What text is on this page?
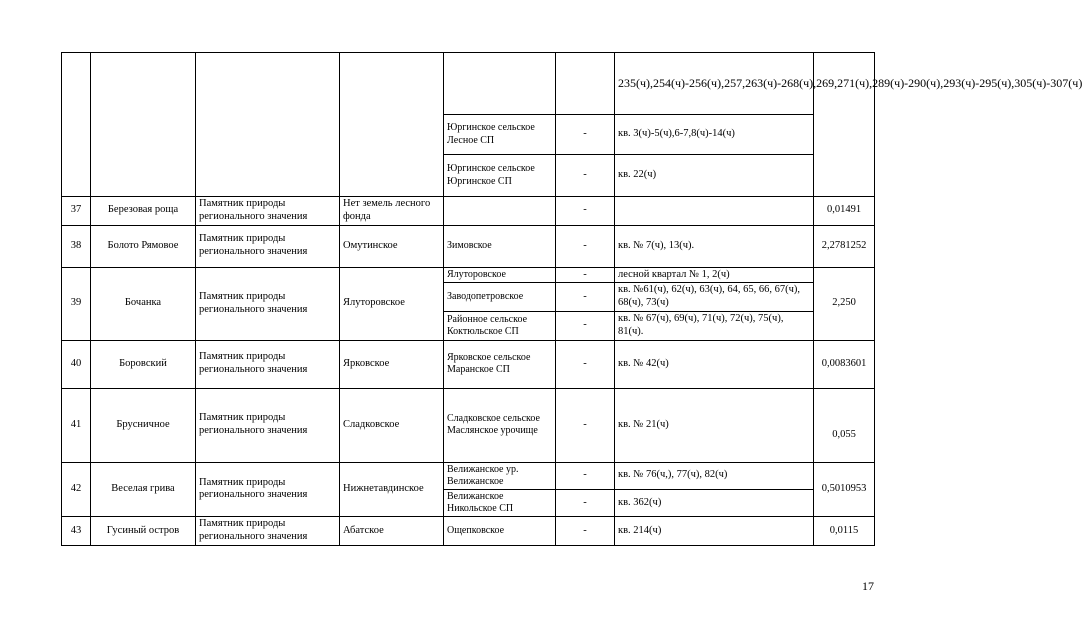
						235(ч),254(ч)-256(ч),257,263(ч)-268(ч),269,271(ч),289(ч)-290(ч),293(ч)-295(ч),305(ч)-307(ч)	
				Юргинское сельское Лесное СП	-	кв. 3(ч)-5(ч),6-7,8(ч)-14(ч)	
				Юргинское сельское Юргинское СП	-	кв. 22(ч)	
37	Березовая роща	Памятник природы регионального значения	Нет земель лесного фонда		-		0,01491
38	Болото Рямовое	Памятник природы регионального значения	Омутинское	Зимовское	-	кв. № 7(ч), 13(ч).	2,2781252
39	Бочанка	Памятник природы регионального значения	Ялуторовское	Ялуторовское	-	лесной квартал № 1, 2(ч)	2,250
				Заводопетровское	-	кв. №61(ч), 62(ч), 63(ч), 64, 65, 66, 67(ч), 68(ч), 73(ч)	
				Районное сельское Коктюльское СП	-	кв. № 67(ч), 69(ч), 71(ч), 72(ч), 75(ч), 81(ч).	
40	Боровский	Памятник природы регионального значения	Ярковское	Ярковское сельское Маранское СП	-	кв. № 42(ч)	0,0083601
41	Брусничное	Памятник природы регионального значения	Сладковское	Сладковское сельское Маслянское урочище	-	кв. № 21(ч)	0,055
42	Веселая грива	Памятник природы регионального значения	Нижнетавдинское	Велижанское ур. Велижанское	-	кв. № 76(ч,), 77(ч), 82(ч)	0,5010953
				Велижанское Никольское СП	-	кв. 362(ч)	
43	Гусиный остров	Памятник природы регионального значения	Абатское	Ощепковское	-	кв. 214(ч)	0,0115
17
